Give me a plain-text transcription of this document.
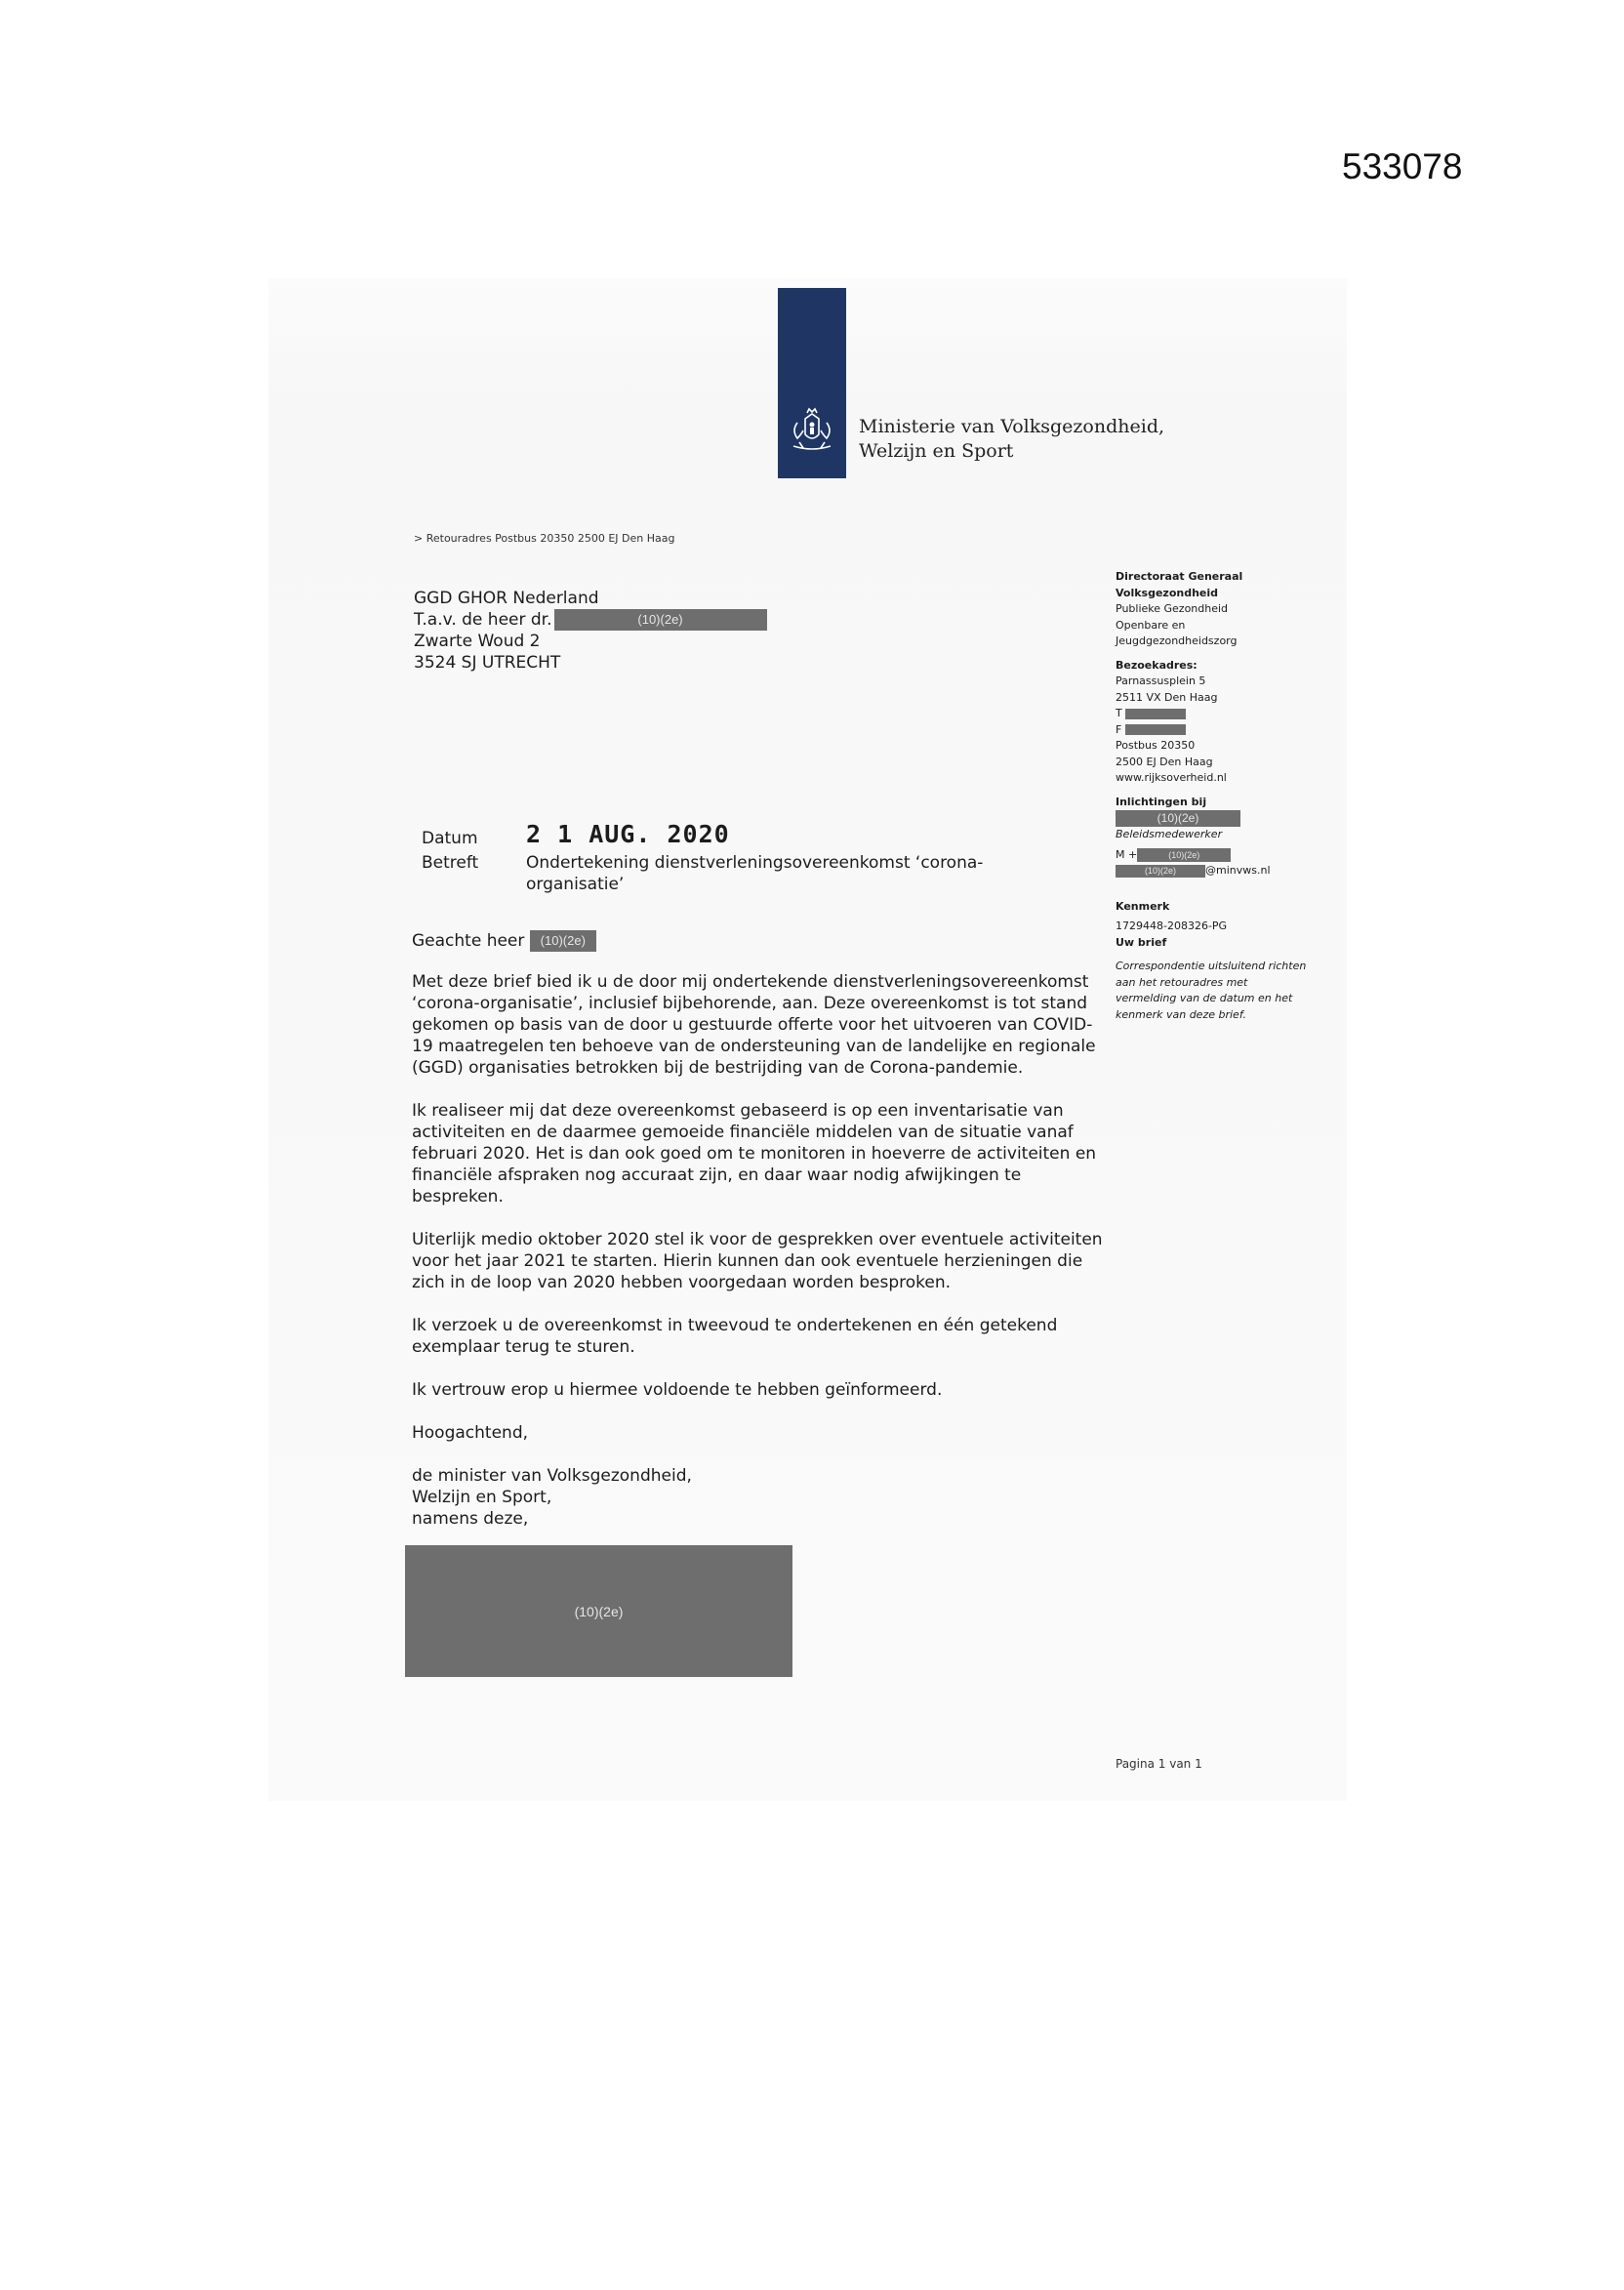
533078
Ministerie van Volksgezondheid,
Welzijn en Sport
> Retouradres Postbus 20350 2500 EJ Den Haag
GGD GHOR Nederland
T.a.v. de heer dr.	(10)(2e)
Zwarte Woud 2
3524 SJ UTRECHT
Directoraat Generaal
Volksgezondheid
Publieke Gezondheid
Openbare en
Jeugdgezondheidszorg
Bezoekadres:
Parnassusplein 5
2511 VX Den Haag
T
F
Postbus 20350
2500 EJ Den Haag
www.rijksoverheid.nl
Inlichtingen bij
(10)(2e)
Beleidsmedewerker
M +	(10)(2e)
(10)(2e)	@minvws.nl
Kenmerk
1729448-208326-PG
Uw brief
Correspondentie uitsluitend richten aan het retouradres met vermelding van de datum en het kenmerk van deze brief.
Datum	2 1 AUG. 2020
Betreft	Ondertekening dienstverleningsovereenkomst ‘corona-organisatie’
Geachte heer (10)(2e)

Met deze brief bied ik u de door mij ondertekende dienstverleningsovereenkomst ‘corona-organisatie’, inclusief bijbehorende, aan. Deze overeenkomst is tot stand gekomen op basis van de door u gestuurde offerte voor het uitvoeren van COVID-19 maatregelen ten behoeve van de ondersteuning van de landelijke en regionale (GGD) organisaties betrokken bij de bestrijding van de Corona-pandemie.

Ik realiseer mij dat deze overeenkomst gebaseerd is op een inventarisatie van activiteiten en de daarmee gemoeide financiële middelen van de situatie vanaf februari 2020. Het is dan ook goed om te monitoren in hoeverre de activiteiten en financiële afspraken nog accuraat zijn, en daar waar nodig afwijkingen te bespreken.

Uiterlijk medio oktober 2020 stel ik voor de gesprekken over eventuele activiteiten voor het jaar 2021 te starten. Hierin kunnen dan ook eventuele herzieningen die zich in de loop van 2020 hebben voorgedaan worden besproken.

Ik verzoek u de overeenkomst in tweevoud te ondertekenen en één getekend exemplaar terug te sturen.

Ik vertrouw erop u hiermee voldoende te hebben geïnformeerd.

Hoogachtend,

de minister van Volksgezondheid,
Welzijn en Sport,
namens deze,
(10)(2e)
Pagina 1 van 1
